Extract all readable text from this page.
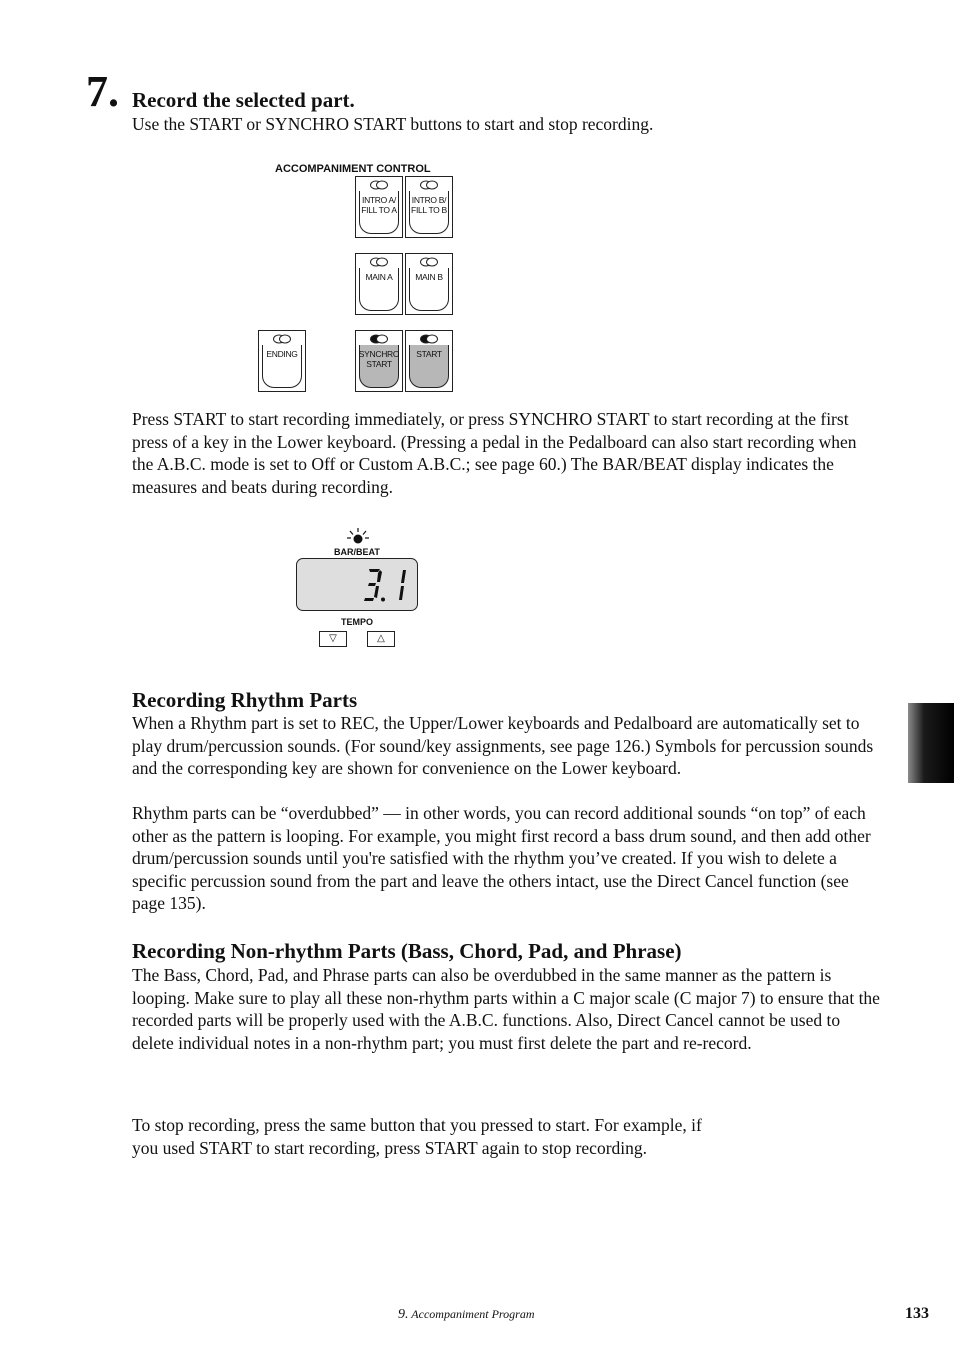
7. Record the selected part.
Use the START or SYNCHRO START buttons to start and stop recording.
ACCOMPANIMENT CONTROL
INTRO A/
FILL TO A
INTRO B/
FILL TO B
MAIN A	MAIN B
ENDING	SYNCHRO
START
START

Press START to start recording immediately, or press SYNCHRO START to start recording at the first press of a key in the Lower keyboard. (Pressing a pedal in the Pedalboard can also start recording when the A.B.C. mode is set to Off or Custom A.B.C.; see page 60.) The BAR/BEAT display indicates the measures and beats during recording.

BAR/BEAT
TEMPO
▽	△
Recording Rhythm Parts

When a Rhythm part is set to REC, the Upper/Lower keyboards and Pedalboard are automatically set to play drum/percussion sounds. (For sound/key assignments, see page 126.) Symbols for percussion sounds and the corresponding key are shown for convenience on the Lower keyboard.

Rhythm parts can be “overdubbed” — in other words, you can record additional sounds “on top” of each other as the pattern is looping. For example, you might first record a bass drum sound, and then add other drum/percussion sounds until you're satisfied with the rhythm you’ve created. If you wish to delete a specific percussion sound from the part and leave the others intact, use the Direct Cancel function (see page 135).

Recording Non-rhythm Parts (Bass, Chord, Pad, and Phrase)

The Bass, Chord, Pad, and Phrase parts can also be overdubbed in the same manner as the pattern is looping. Make sure to play all these non-rhythm parts within a C major scale (C major 7) to ensure that the recorded parts will be properly used with the A.B.C. functions. Also, Direct Cancel cannot be used to delete individual notes in a non-rhythm part; you must first delete the part and re-record.

To stop recording, press the same button that you pressed to start. For example, if
you used START to start recording, press START again to stop recording.
9. Accompaniment Program	133
